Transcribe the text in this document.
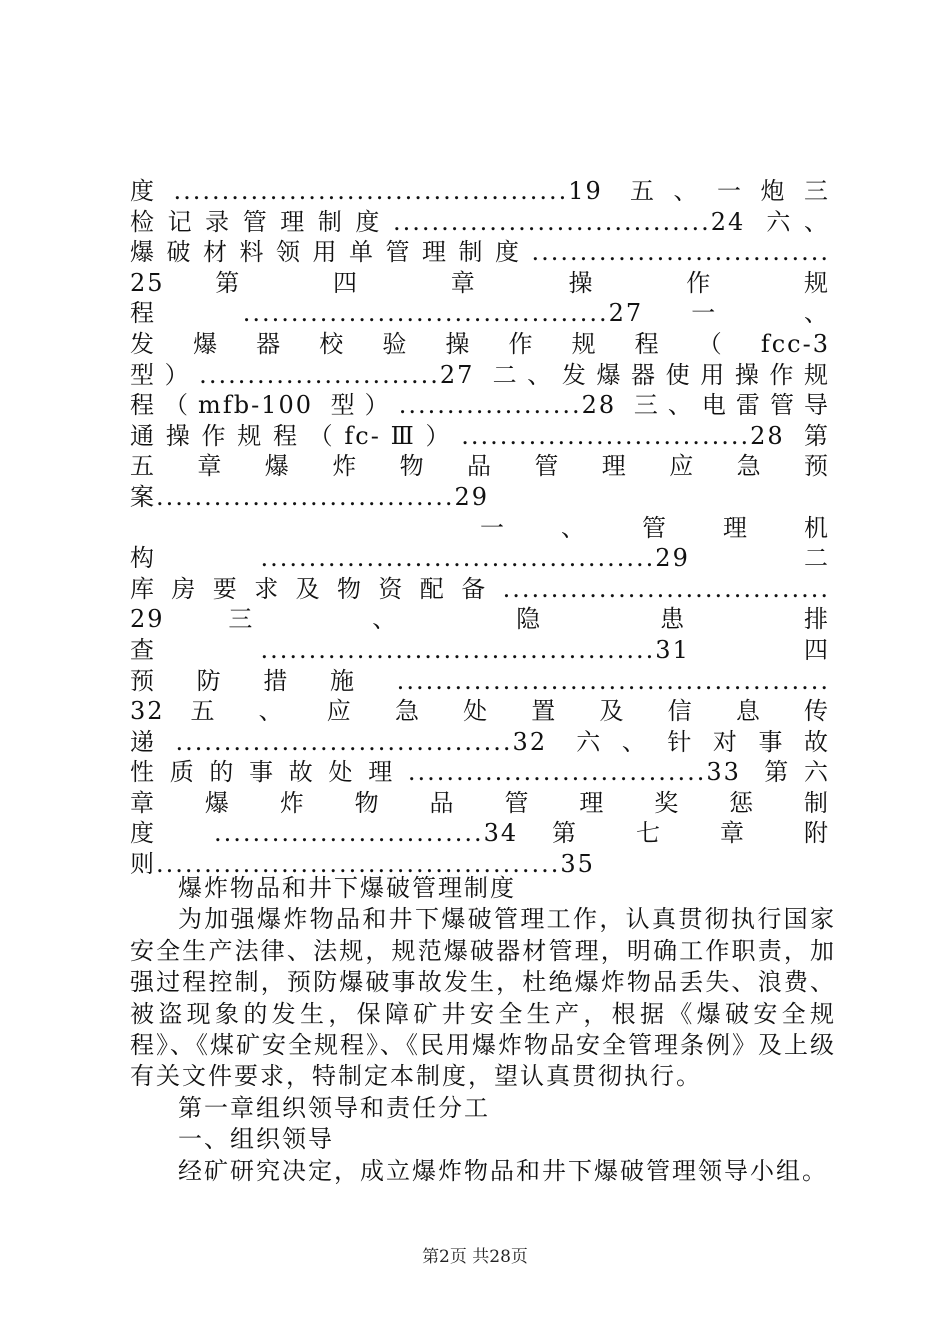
度.........................................19 五、一炮三
检记录管理制度.................................24 六、
爆破材料领用单管理制度...............................
25 第 四 章 操 作 规
程 ......................................27 一 、
发 爆 器 校 验 操 作 规 程 （ fcc-3
型）.........................27 二、发爆器使用操作规
程（mfb-100 型）...................28 三、电雷管导
通操作规程（fc-Ⅲ）..............................28 第
五 章 爆 炸 物 品 管 理 应 急 预
案...............................29
一 、 管 理 机
构.........................................29 二
库房要求及物资配备..................................
29 三 、 隐 患 排
查.........................................31 四
预防措施.............................................
32 五 、 应 急 处 置 及 信 息 传
递...................................32 六、针对事故
性质的事故处理...............................33 第六
章 爆 炸 物 品 管 理 奖 惩 制
度 ............................34 第 七 章 附
则..........................................35
爆炸物品和井下爆破管理制度
为加强爆炸物品和井下爆破管理工作，认真贯彻执行国家安全生产法律、法规，规范爆破器材管理，明确工作职责，加强过程控制，预防爆破事故发生，杜绝爆炸物品丢失、浪费、被盗现象的发生，保障矿井安全生产，根据《爆破安全规程》、《煤矿安全规程》、《民用爆炸物品安全管理条例》及上级有关文件要求，特制定本制度，望认真贯彻执行。
第一章组织领导和责任分工
一、组织领导
经矿研究决定，成立爆炸物品和井下爆破管理领导小组。
第2页 共28页
